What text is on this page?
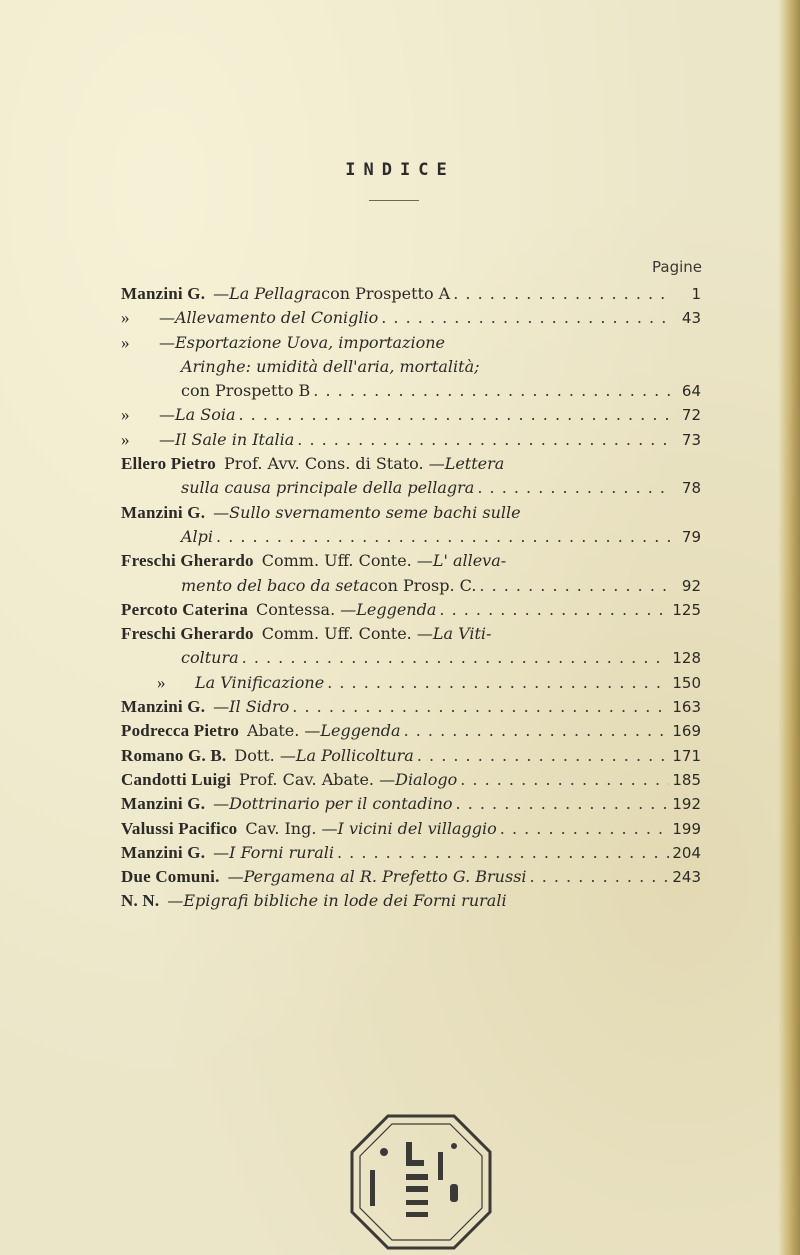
INDICE
Pagine
Manzini G. — La Pellagra con Prospetto A . . .	1
»	— Allevamento del Coniglio . . .	43
»	— Esportazione Uova, importazione
Aringhe: umidità dell'aria, mortalità;
con Prospetto B . . .	64
»	— La Soia . . .	72
»	— Il Sale in Italia . . .	73
Ellero Pietro Prof. Avv. Cons. di Stato. — Lettera
sulla causa principale della pellagra . . .	78
Manzini G. — Sullo svernamento seme bachi sulle
Alpi . . .	79
Freschi Gherardo Comm. Uff. Conte. — L' alleva-
mento del baco da seta con Prosp. C. . . .	92
Percoto Caterina Contessa. — Leggenda . . .	125
Freschi Gherardo Comm. Uff. Conte. — La Viti-
coltura . . .	128
»	La Vinificazione . . .	150
Manzini G. — Il Sidro . . .	163
Podrecca Pietro Abate. — Leggenda . . .	169
Romano G. B. Dott. — La Pollicoltura . . .	171
Candotti Luigi Prof. Cav. Abate. — Dialogo . . .	185
Manzini G. — Dottrinario per il contadino . . .	192
Valussi Pacifico Cav. Ing. — I vicini del villaggio . . .	199
Manzini G. — I Forni rurali . . .	204
Due Comuni. — Pergamena al R. Prefetto G. Brussi . . .	243
N. N. — Epigrafi bibliche in lode dei Forni rurali
